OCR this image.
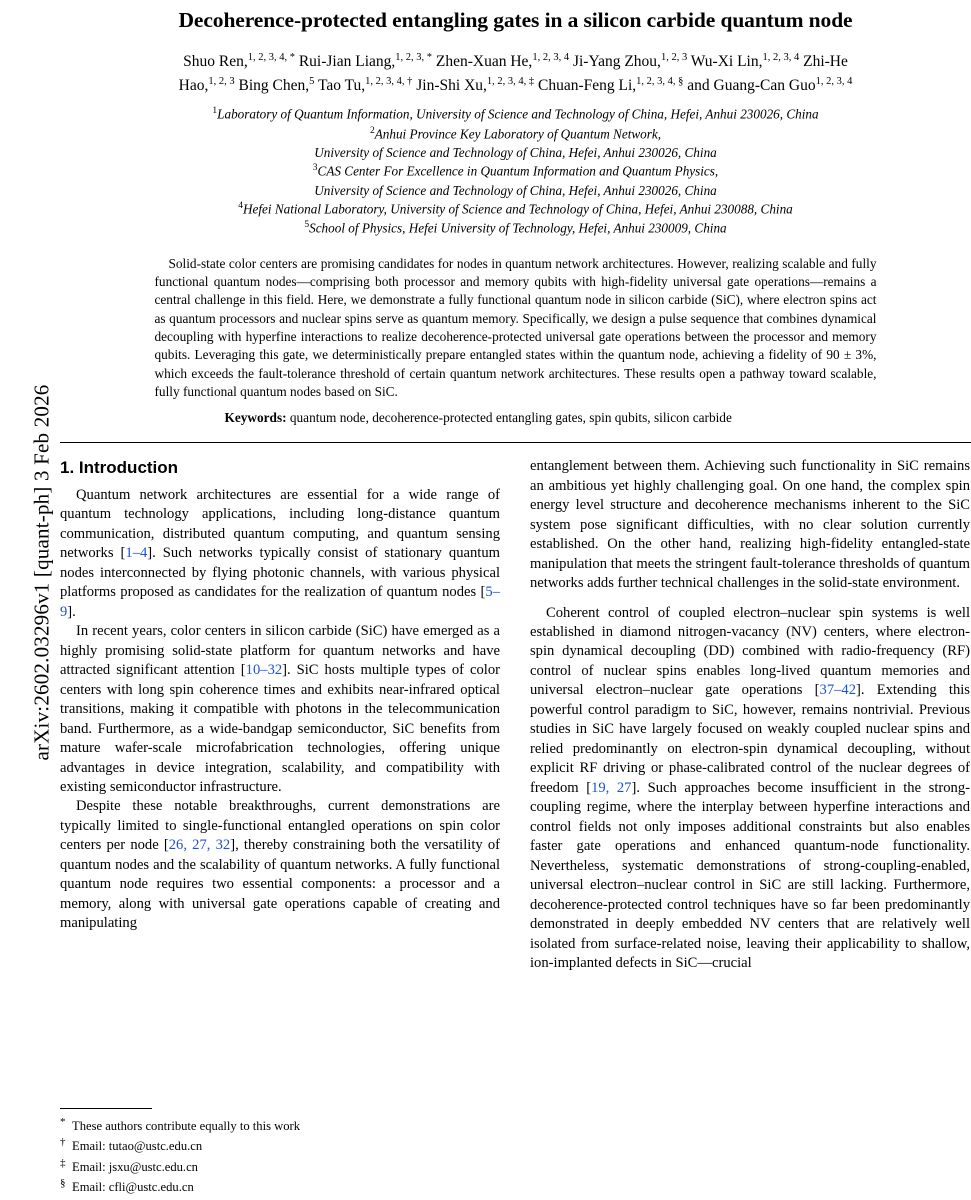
arXiv:2602.03296v1 [quant-ph] 3 Feb 2026
Decoherence-protected entangling gates in a silicon carbide quantum node
Shuo Ren,$^{1, 2, 3, 4, *}$ Rui-Jian Liang,$^{1, 2, 3, *}$ Zhen-Xuan He,$^{1, 2, 3, 4}$ Ji-Yang Zhou,$^{1, 2, 3}$ Wu-Xi Lin,$^{1, 2, 3, 4}$ Zhi-He
Hao,$^{1, 2, 3}$ Bing Chen,$^5$ Tao Tu,$^{1, 2, 3, 4, \dagger}$ Jin-Shi Xu,$^{1, 2, 3, 4, \ddagger}$ Chuan-Feng Li,$^{1, 2, 3, 4, \S}$ and Guang-Can Guo$^{1, 2, 3, 4}$
$^1$Laboratory of Quantum Information, University of Science and Technology of China, Hefei, Anhui 230026, China
$^2$Anhui Province Key Laboratory of Quantum Network,
University of Science and Technology of China, Hefei, Anhui 230026, China
$^3$CAS Center For Excellence in Quantum Information and Quantum Physics,
University of Science and Technology of China, Hefei, Anhui 230026, China
$^4$Hefei National Laboratory, University of Science and Technology of China, Hefei, Anhui 230088, China
$^5$School of Physics, Hefei University of Technology, Hefei, Anhui 230009, China

Solid-state color centers are promising candidates for nodes in quantum network architectures. However, realizing scalable and fully functional quantum nodes—comprising both processor and memory qubits with high-fidelity universal gate operations—remains a central challenge in this field. Here, we demonstrate a fully functional quantum node in silicon carbide (SiC), where electron spins act as quantum processors and nuclear spins serve as quantum memory. Specifically, we design a pulse sequence that combines dynamical decoupling with hyperfine interactions to realize decoherence-protected universal gate operations between the processor and memory qubits. Leveraging this gate, we deterministically prepare entangled states within the quantum node, achieving a fidelity of 90 ± 3%, which exceeds the fault-tolerance threshold of certain quantum network architectures. These results open a pathway toward scalable, fully functional quantum nodes based on SiC.

Keywords: quantum node, decoherence-protected entangling gates, spin qubits, silicon carbide
1. Introduction

Quantum network architectures are essential for a wide range of quantum technology applications, including long-distance quantum communication, distributed quantum computing, and quantum sensing networks [1–4]. Such networks typically consist of stationary quantum nodes interconnected by flying photonic channels, with various physical platforms proposed as candidates for the realization of quantum nodes [5–9].

In recent years, color centers in silicon carbide (SiC) have emerged as a highly promising solid-state platform for quantum networks and have attracted significant attention [10–32]. SiC hosts multiple types of color centers with long spin coherence times and exhibits near-infrared optical transitions, making it compatible with photons in the telecommunication band. Furthermore, as a wide-bandgap semiconductor, SiC benefits from mature wafer-scale microfabrication technologies, offering unique advantages in device integration, scalability, and compatibility with existing semiconductor infrastructure.

Despite these notable breakthroughs, current demonstrations are typically limited to single-functional entangled operations on spin color centers per node [26, 27, 32], thereby constraining both the versatility of quantum nodes and the scalability of quantum networks. A fully functional quantum node requires two essential components: a processor and a memory, along with universal gate operations capable of creating and manipulating

entanglement between them. Achieving such functionality in SiC remains an ambitious yet highly challenging goal. On one hand, the complex spin energy level structure and decoherence mechanisms inherent to the SiC system pose significant difficulties, with no clear solution currently established. On the other hand, realizing high-fidelity entangled-state manipulation that meets the stringent fault-tolerance thresholds of quantum networks adds further technical challenges in the solid-state environment.

Coherent control of coupled electron–nuclear spin systems is well established in diamond nitrogen-vacancy (NV) centers, where electron-spin dynamical decoupling (DD) combined with radio-frequency (RF) control of nuclear spins enables long-lived quantum memories and universal electron–nuclear gate operations [37–42]. Extending this powerful control paradigm to SiC, however, remains nontrivial. Previous studies in SiC have largely focused on weakly coupled nuclear spins and relied predominantly on electron-spin dynamical decoupling, without explicit RF driving or phase-calibrated control of the nuclear degrees of freedom [19, 27]. Such approaches become insufficient in the strong-coupling regime, where the interplay between hyperfine interactions and control fields not only imposes additional constraints but also enables faster gate operations and enhanced quantum-node functionality. Nevertheless, systematic demonstrations of strong-coupling-enabled, universal electron–nuclear control in SiC are still lacking. Furthermore, decoherence-protected control techniques have so far been predominantly demonstrated in deeply embedded NV centers that are relatively well isolated from surface-related noise, leaving their applicability to shallow, ion-implanted defects in SiC—crucial

* These authors contribute equally to this work
† Email: tutao@ustc.edu.cn
‡ Email: jsxu@ustc.edu.cn
§ Email: cfli@ustc.edu.cn
